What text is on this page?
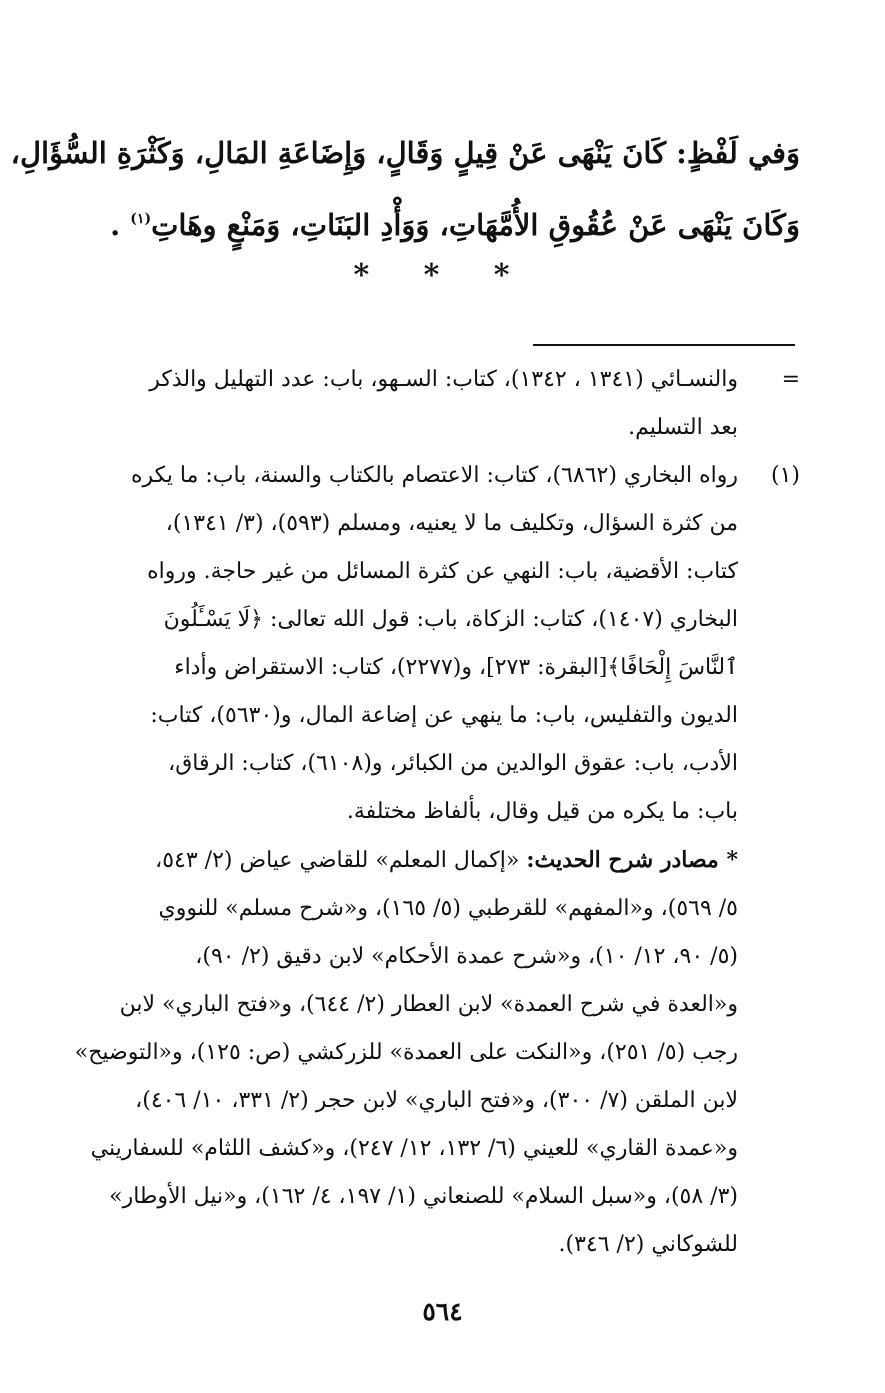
وَفي لَفْظٍ: كَانَ يَنْهَى عَنْ قِيلٍ وَقَالٍ، وَإِضَاعَةِ المَالِ، وَكَثْرَةِ السُّؤَالِ،
وَكَانَ يَنْهَى عَنْ عُقُوقِ الأُمَّهَاتِ، وَوَأْدِ البَنَاتِ، وَمَنْعٍ وهَاتِ$^{(١)}$ .
* * *
=
والنسـائي (١٣٤١ ، ١٣٤٢)، كتاب: السـهو، باب: عدد التهليل والذكر
بعد التسليم.
(١)
رواه البخاري (٦٨٦٢)، كتاب: الاعتصام بالكتاب والسنة، باب: ما يكره
من كثرة السؤال، وتكليف ما لا يعنيه، ومسلم (٥٩٣)، (٣/ ١٣٤١)،
كتاب: الأقضية، باب: النهي عن كثرة المسائل من غير حاجة. ورواه
البخاري (١٤٠٧)، كتاب: الزكاة، باب: قول الله تعالى: ﴿لَا يَسْـَٔلُونَ
ٱلنَّاسَ إِلْحَافًا﴾[البقرة: ٢٧٣]، و(٢٢٧٧)، كتاب: الاستقراض وأداء
الديون والتفليس، باب: ما ينهي عن إضاعة المال، و(٥٦٣٠)، كتاب:
الأدب، باب: عقوق الوالدين من الكبائر، و(٦١٠٨)، كتاب: الرقاق،
باب: ما يكره من قيل وقال، بألفاظ مختلفة.
* مصادر شرح الحديث: «إكمال المعلم» للقاضي عياض (٢/ ٥٤٣،
٥/ ٥٦٩)، و«المفهم» للقرطبي (٥/ ١٦٥)، و«شرح مسلم» للنووي
(٥/ ٩٠، ١٢/ ١٠)، و«شرح عمدة الأحكام» لابن دقيق (٢/ ٩٠)،
و«العدة في شرح العمدة» لابن العطار (٢/ ٦٤٤)، و«فتح الباري» لابن
رجب (٥/ ٢٥١)، و«النكت على العمدة» للزركشي (ص: ١٢٥)، و«التوضيح»
لابن الملقن (٧/ ٣٠٠)، و«فتح الباري» لابن حجر (٢/ ٣٣١، ١٠/ ٤٠٦)،
و«عمدة القاري» للعيني (٦/ ١٣٢، ١٢/ ٢٤٧)، و«كشف اللثام» للسفاريني
(٣/ ٥٨)، و«سبل السلام» للصنعاني (١/ ١٩٧، ٤/ ١٦٢)، و«نيل الأوطار»
للشوكاني (٢/ ٣٤٦).
٥٦٤
